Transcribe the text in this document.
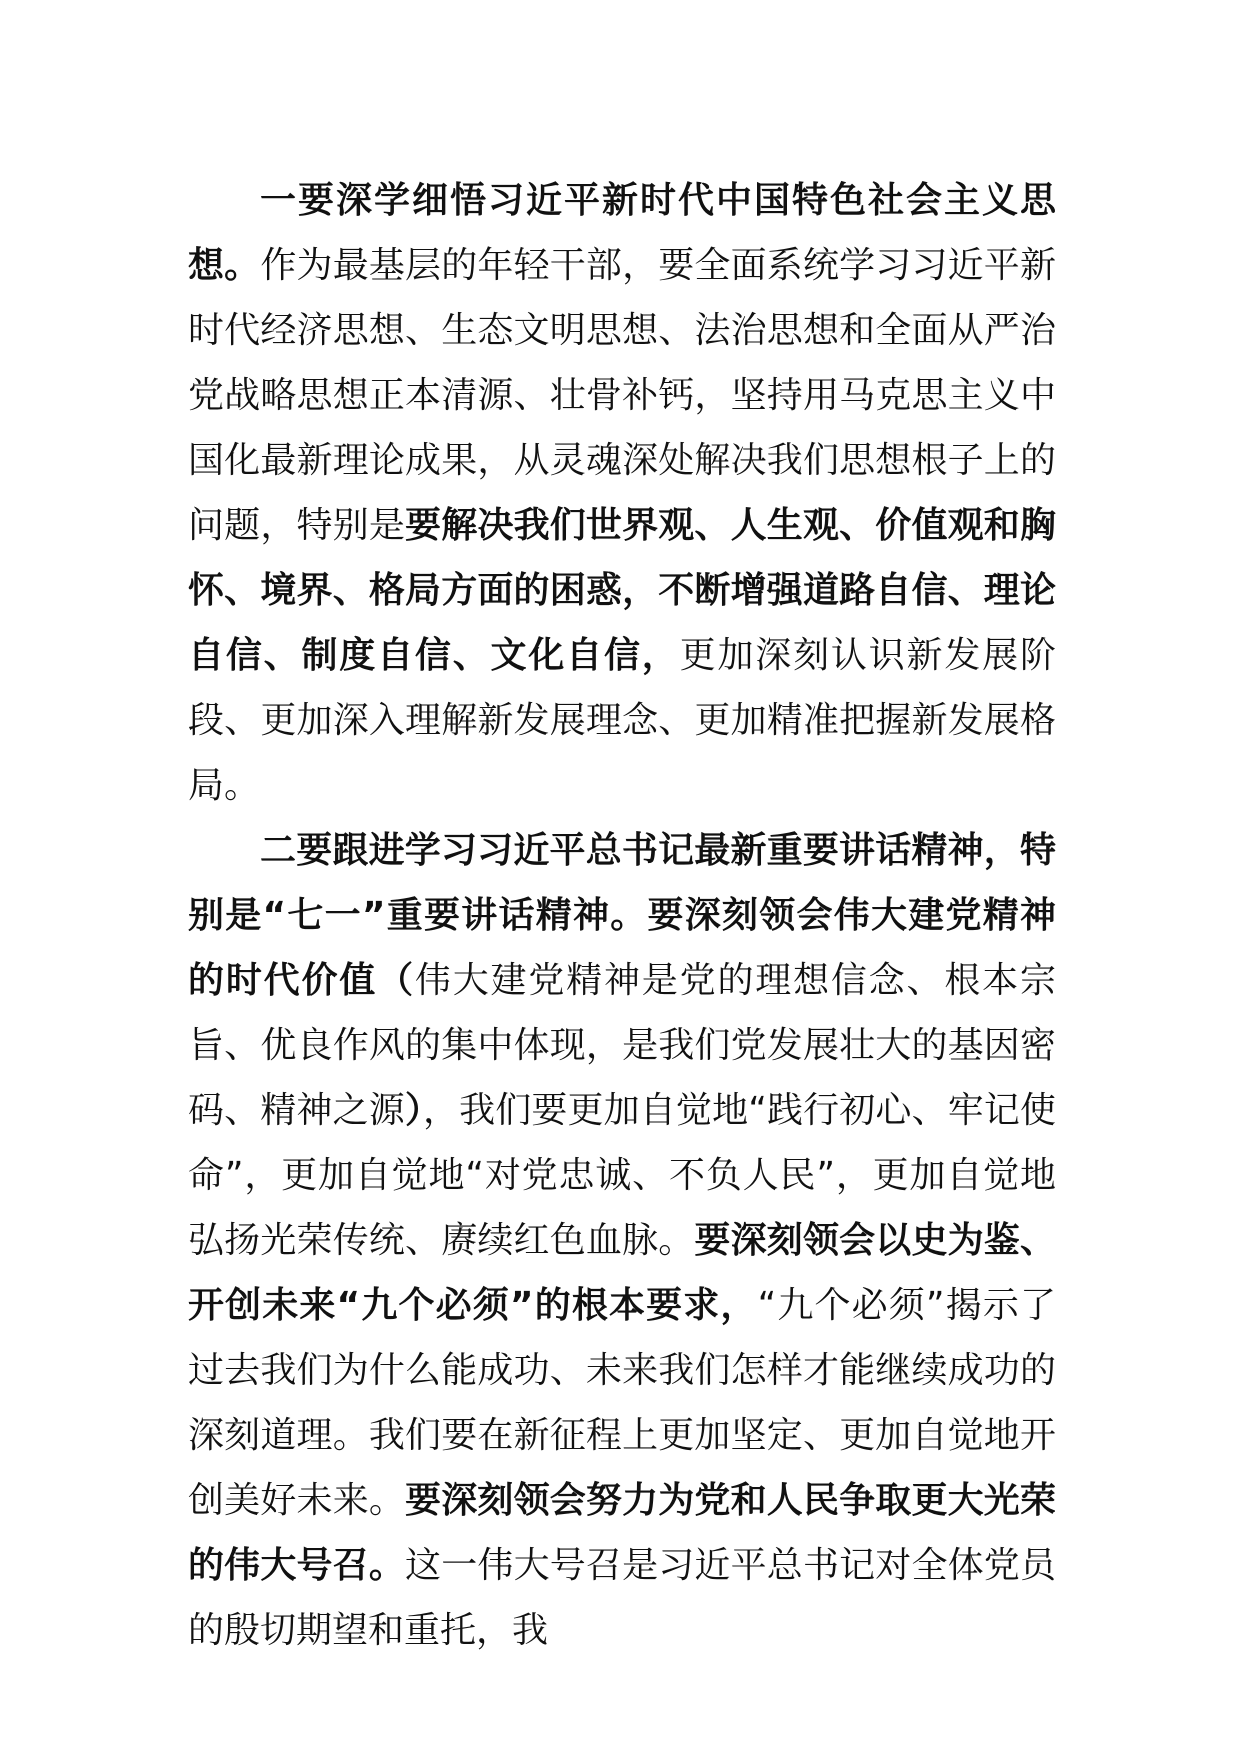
一要深学细悟习近平新时代中国特色社会主义思想。作为最基层的年轻干部，要全面系统学习习近平新时代经济思想、生态文明思想、法治思想和全面从严治党战略思想正本清源、壮骨补钙，坚持用马克思主义中国化最新理论成果，从灵魂深处解决我们思想根子上的问题，特别是要解决我们世界观、人生观、价值观和胸怀、境界、格局方面的困惑，不断增强道路自信、理论自信、制度自信、文化自信，更加深刻认识新发展阶段、更加深入理解新发展理念、更加精准把握新发展格局。

二要跟进学习习近平总书记最新重要讲话精神，特别是“七一”重要讲话精神。要深刻领会伟大建党精神的时代价值（伟大建党精神是党的理想信念、根本宗旨、优良作风的集中体现，是我们党发展壮大的基因密码、精神之源），我们要更加自觉地“践行初心、牢记使命”，更加自觉地“对党忠诚、不负人民”，更加自觉地弘扬光荣传统、赓续红色血脉。要深刻领会以史为鉴、开创未来“九个必须”的根本要求，“九个必须”揭示了过去我们为什么能成功、未来我们怎样才能继续成功的深刻道理。我们要在新征程上更加坚定、更加自觉地开创美好未来。要深刻领会努力为党和人民争取更大光荣的伟大号召。这一伟大号召是习近平总书记对全体党员的殷切期望和重托，我
